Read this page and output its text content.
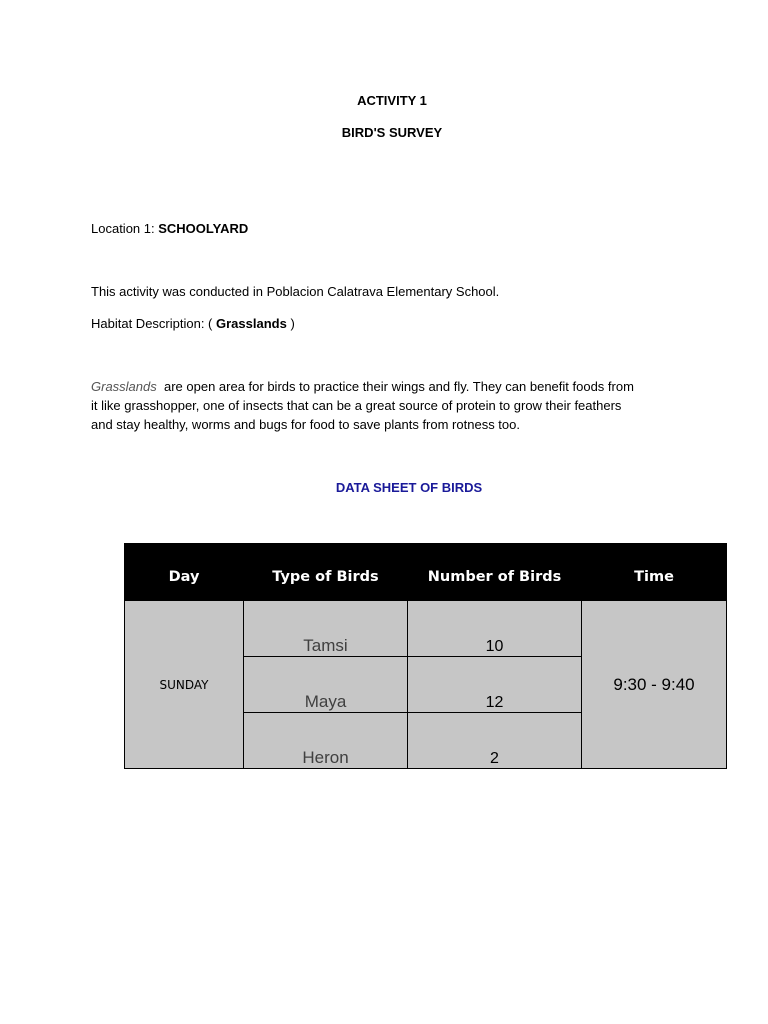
ACTIVITY 1
BIRD'S SURVEY
Location 1: SCHOOLYARD
This activity was conducted in Poblacion Calatrava Elementary School.
Habitat Description: ( Grasslands )
Grasslands  are open area for birds to practice their wings and fly. They can benefit foods from
it like grasshopper, one of insects that can be a great source of protein to grow their feathers
and stay healthy, worms and bugs for food to save plants from rotness too.
DATA SHEET OF BIRDS
Day	Type of Birds	Number of Birds	Time
SUNDAY	Tamsi	10	9:30 - 9:40
	Maya	12	
	Heron	2	
